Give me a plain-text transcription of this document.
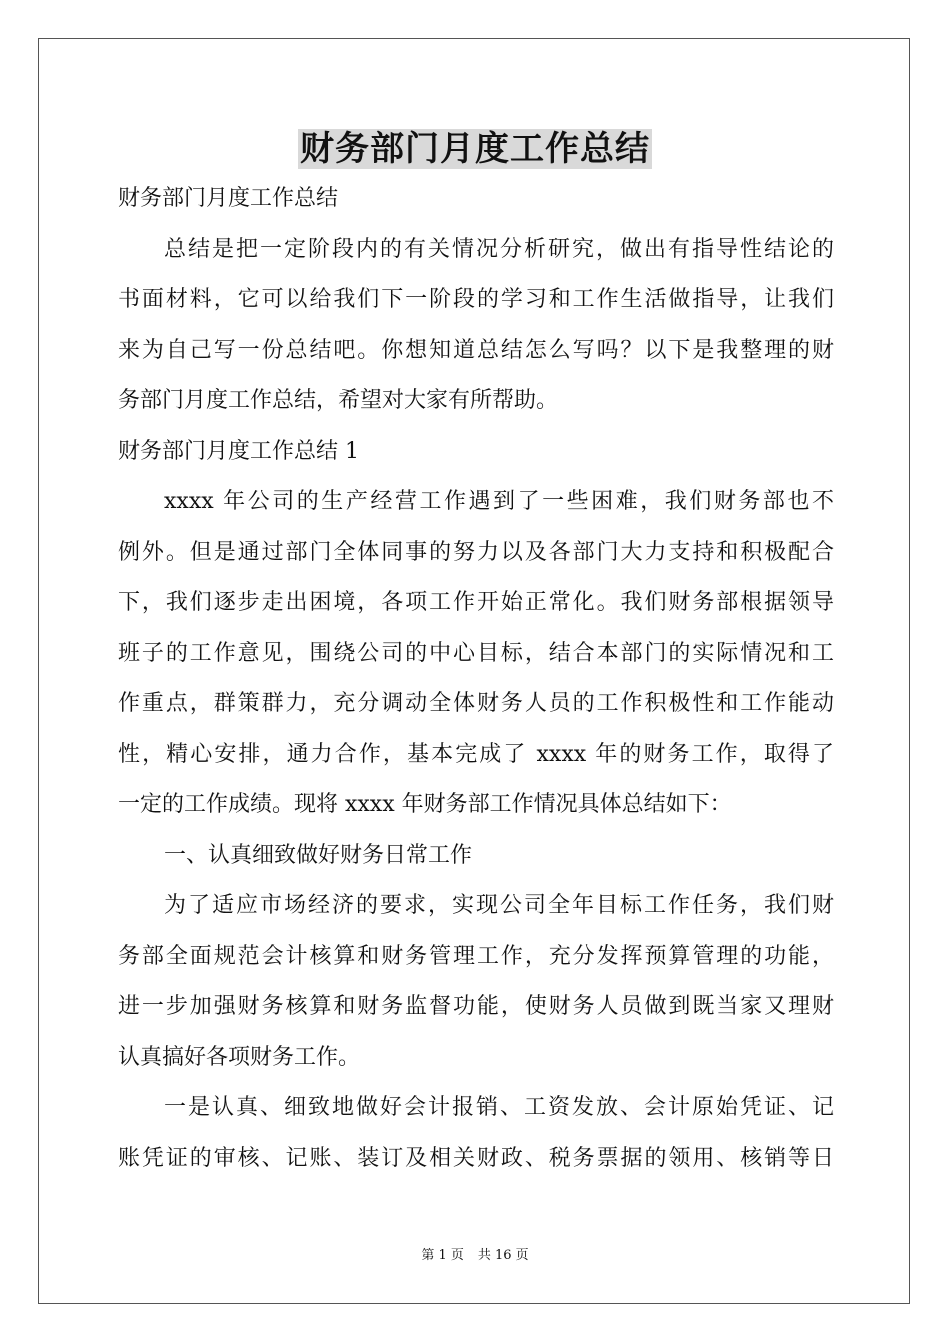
财务部门月度工作总结
财务部门月度工作总结
总结是把一定阶段内的有关情况分析研究，做出有指导性结论的
书面材料，它可以给我们下一阶段的学习和工作生活做指导，让我们
来为自己写一份总结吧。你想知道总结怎么写吗？以下是我整理的财
务部门月度工作总结，希望对大家有所帮助。
财务部门月度工作总结 1
xxxx 年公司的生产经营工作遇到了一些困难，我们财务部也不
例外。但是通过部门全体同事的努力以及各部门大力支持和积极配合
下，我们逐步走出困境，各项工作开始正常化。我们财务部根据领导
班子的工作意见，围绕公司的中心目标，结合本部门的实际情况和工
作重点，群策群力，充分调动全体财务人员的工作积极性和工作能动
性，精心安排，通力合作，基本完成了 xxxx 年的财务工作，取得了
一定的工作成绩。现将 xxxx 年财务部工作情况具体总结如下：
一、认真细致做好财务日常工作
为了适应市场经济的要求，实现公司全年目标工作任务，我们财
务部全面规范会计核算和财务管理工作，充分发挥预算管理的功能，
进一步加强财务核算和财务监督功能，使财务人员做到既当家又理财
认真搞好各项财务工作。
一是认真、细致地做好会计报销、工资发放、会计原始凭证、记
账凭证的审核、记账、装订及相关财政、税务票据的领用、核销等日
第 1 页 共 16 页
